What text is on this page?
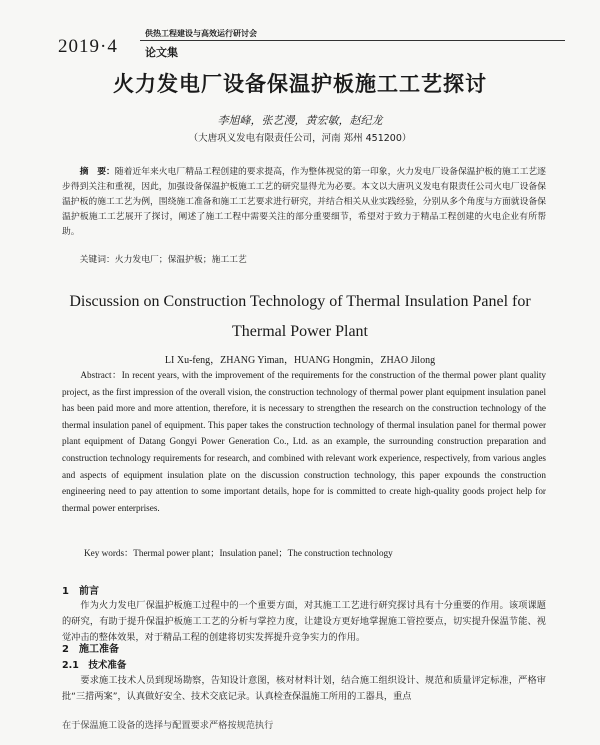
2019·4
供热工程建设与高效运行研讨会
论文集
火力发电厂设备保温护板施工工艺探讨
李旭峰，张艺漫，黄宏敏，赵纪龙
（大唐巩义发电有限责任公司，河南 郑州 451200）
摘　要：随着近年来火电厂精品工程创建的要求提高，作为整体视觉的第一印象，火力发电厂设备保温护板的施工工艺逐步得到关注和重视，因此，加强设备保温护板施工工艺的研究显得尤为必要。本文以大唐巩义发电有限责任公司火电厂设备保温护板的施工工艺为例，围绕施工准备和施工工艺要求进行研究，并结合相关从业实践经验，分别从多个角度与方面就设备保温护板施工工艺展开了探讨，阐述了施工工程中需要关注的部分重要细节，希望对于致力于精品工程创建的火电企业有所帮助。
关键词：火力发电厂；保温护板；施工工艺
Discussion on Construction Technology of Thermal Insulation Panel for
Thermal Power Plant
LI Xu-feng，ZHANG Yiman，HUANG Hongmin，ZHAO Jilong
Abstract：In recent years, with the improvement of the requirements for the construction of the thermal power plant quality project, as the first impression of the overall vision, the construction technology of thermal power plant equipment insulation panel has been paid more and more attention, therefore, it is necessary to strengthen the research on the construction technology of the thermal insulation panel of equipment. This paper takes the construction technology of thermal insulation panel for thermal power plant equipment of Datang Gongyi Power Generation Co., Ltd. as an example, the surrounding construction preparation and construction technology requirements for research, and combined with relevant work experience, respectively, from various angles and aspects of equipment insulation plate on the discussion construction technology, this paper expounds the construction engineering need to pay attention to some important details, hope for is committed to create high-quality goods project help for thermal power enterprises.
Key words：Thermal power plant；Insulation panel；The construction technology
1　前言
作为火力发电厂保温护板施工过程中的一个重要方面，对其施工工艺进行研究探讨具有十分重要的作用。该项课题的研究，有助于提升保温护板施工工艺的分析与掌控力度，让建设方更好地掌握施工管控要点，切实提升保温节能、视觉冲击的整体效果，对于精品工程的创建将切实发挥提升竞争实力的作用。
2　施工准备
2.1　技术准备
要求施工技术人员到现场勘察，告知设计意图，核对材料计划，结合施工组织设计、规范和质量评定标准，严格审批“三措两案”，认真做好安全、技术交底记录。认真检查保温施工所用的工器具，重点
在于保温施工设备的选择与配置要求严格按规范执行
